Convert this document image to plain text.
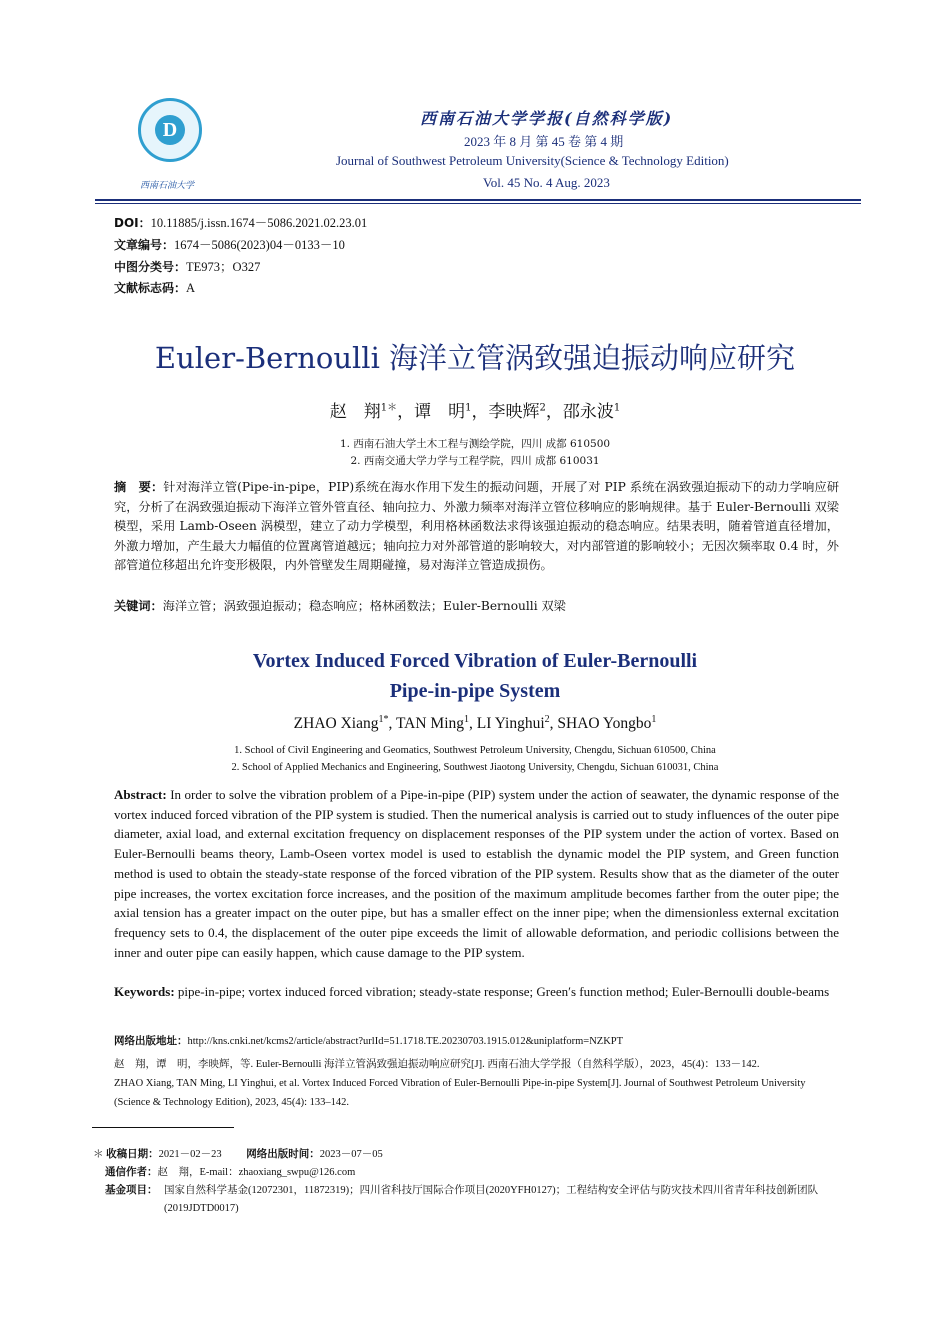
D
西南石油大学
西南石油大学学报(自然科学版)
2023 年 8 月 第 45 卷 第 4 期
Journal of Southwest Petroleum University(Science & Technology Edition)
Vol. 45 No. 4 Aug. 2023
DOI：10.11885/j.issn.1674－5086.2021.02.23.01
文章编号：1674－5086(2023)04－0133－10
中图分类号：TE973；O327
文献标志码：A
Euler-Bernoulli 海洋立管涡致强迫振动响应研究
赵　翔$^{1*}$，谭　明$^1$，李映辉$^2$，邵永波$^1$
1. 西南石油大学土木工程与测绘学院，四川 成都 610500
2. 西南交通大学力学与工程学院，四川 成都 610031
摘　要：针对海洋立管(Pipe-in-pipe，PIP)系统在海水作用下发生的振动问题，开展了对 PIP 系统在涡致强迫振动下的动力学响应研究，分析了在涡致强迫振动下海洋立管外管直径、轴向拉力、外激力频率对海洋立管位移响应的影响规律。基于 Euler-Bernoulli 双梁模型，采用 Lamb-Oseen 涡模型，建立了动力学模型，利用格林函数法求得该强迫振动的稳态响应。结果表明，随着管道直径增加，外激力增加，产生最大力幅值的位置离管道越远；轴向拉力对外部管道的影响较大，对内部管道的影响较小；无因次频率取 0.4 时，外部管道位移超出允许变形极限，内外管壁发生周期碰撞，易对海洋立管造成损伤。
关键词：海洋立管；涡致强迫振动；稳态响应；格林函数法；Euler-Bernoulli 双梁
Vortex Induced Forced Vibration of Euler-Bernoulli
Pipe-in-pipe System
ZHAO Xiang$^{1*}$, TAN Ming$^1$, LI Yinghui$^2$, SHAO Yongbo$^1$
1. School of Civil Engineering and Geomatics, Southwest Petroleum University, Chengdu, Sichuan 610500, China
2. School of Applied Mechanics and Engineering, Southwest Jiaotong University, Chengdu, Sichuan 610031, China
Abstract: In order to solve the vibration problem of a Pipe-in-pipe (PIP) system under the action of seawater, the dynamic response of the vortex induced forced vibration of the PIP system is studied. Then the numerical analysis is carried out to study influences of the outer pipe diameter, axial load, and external excitation frequency on displacement responses of the PIP system under the action of vortex. Based on Euler-Bernoulli beams theory, Lamb-Oseen vortex model is used to establish the dynamic model the PIP system, and Green function method is used to obtain the steady-state response of the forced vibration of the PIP system. Results show that as the diameter of the outer pipe increases, the vortex excitation force increases, and the position of the maximum amplitude becomes farther from the outer pipe; the axial tension has a greater impact on the outer pipe, but has a smaller effect on the inner pipe; when the dimensionless external excitation frequency sets to 0.4, the displacement of the outer pipe exceeds the limit of allowable deformation, and periodic collisions between the inner and outer pipe can easily happen, which cause damage to the PIP system.
Keywords: pipe-in-pipe; vortex induced forced vibration; steady-state response; Green′s function method; Euler-Bernoulli double-beams
网络出版地址：http://kns.cnki.net/kcms2/article/abstract?urlId=51.1718.TE.20230703.1915.012&uniplatform=NZKPT
赵　翔，谭　明，李映辉，等. Euler-Bernoulli 海洋立管涡致强迫振动响应研究[J]. 西南石油大学学报（自然科学版），2023，45(4)：133－142.
ZHAO Xiang, TAN Ming, LI Yinghui, et al. Vortex Induced Forced Vibration of Euler-Bernoulli Pipe-in-pipe System[J]. Journal of Southwest Petroleum University (Science & Technology Edition), 2023, 45(4): 133–142.
＊ 收稿日期：2021－02－23 网络出版时间：2023－07－05
通信作者：赵　翔，E-mail：zhaoxiang_swpu@126.com
基金项目： 国家自然科学基金(12072301，11872319)；四川省科技厅国际合作项目(2020YFH0127)；工程结构安全评估与防灾技术四川省青年科技创新团队(2019JDTD0017)
